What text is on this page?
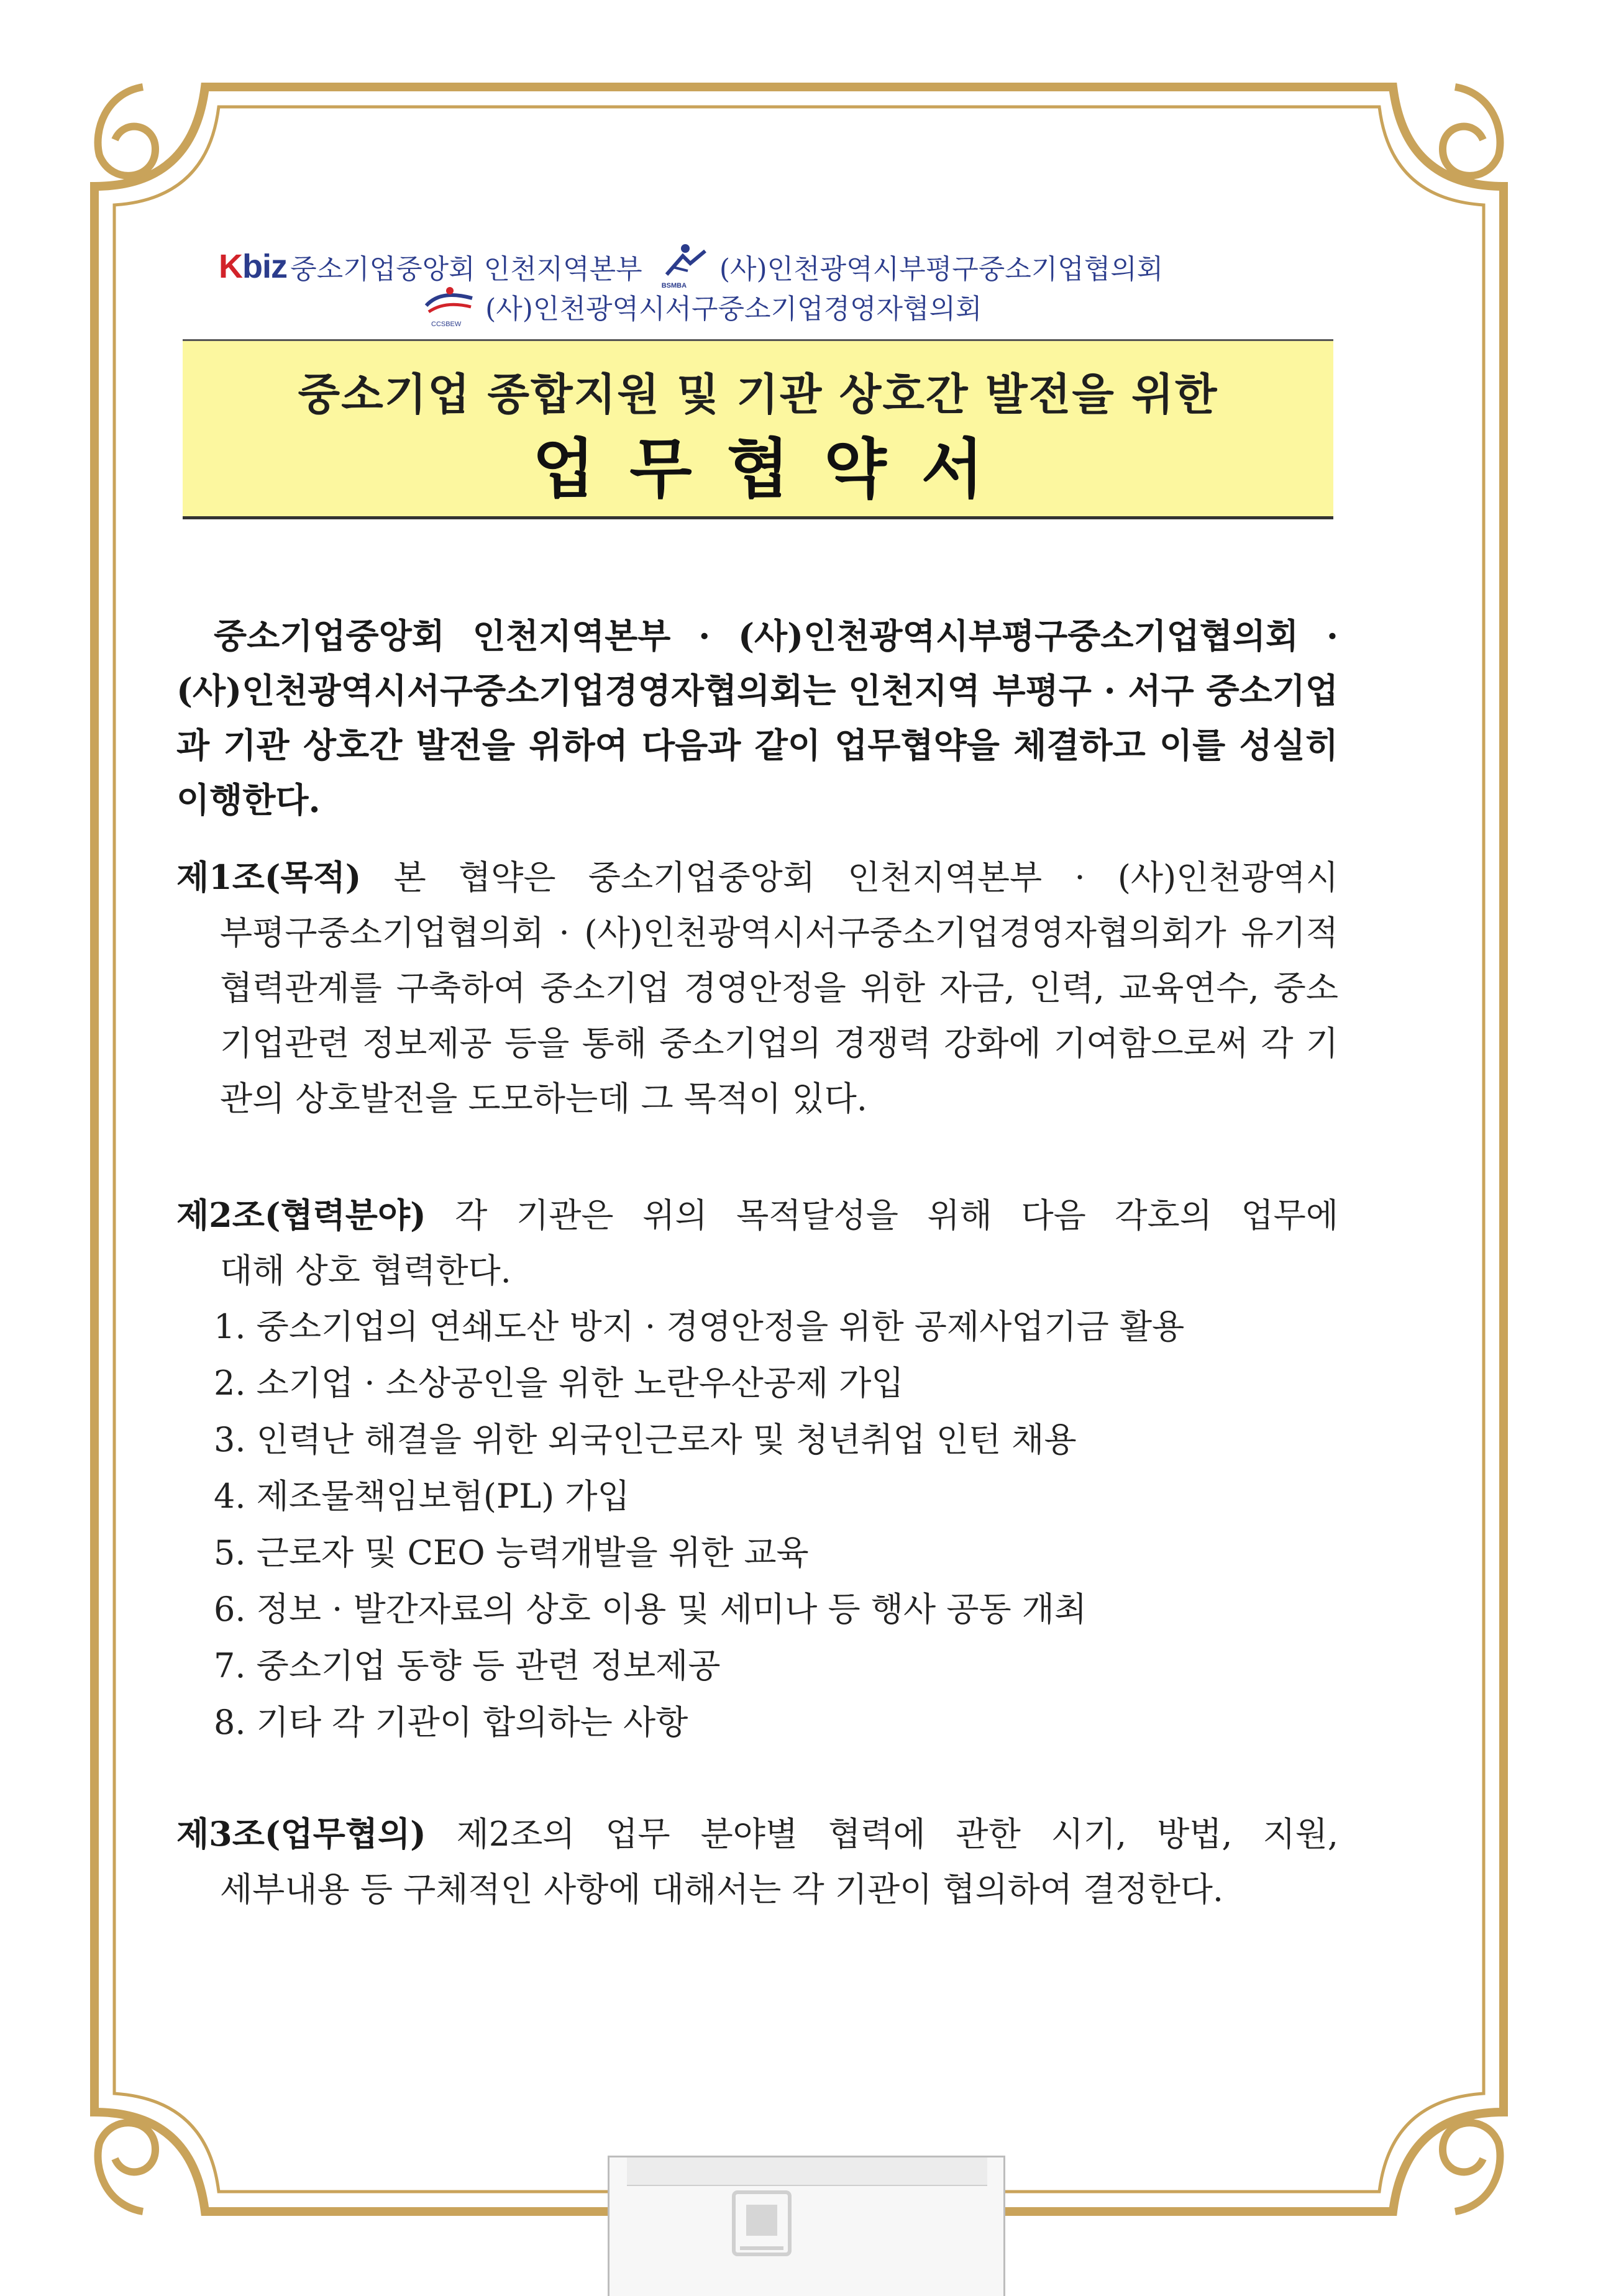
Kbiz 중소기업중앙회 인천지역본부
BSMBA
(사)인천광역시부평구중소기업협의회
CCSBEW (사)인천광역시서구중소기업경영자협의회
중소기업 종합지원 및 기관 상호간 발전을 위한
업무협약서
중소기업중앙회 인천지역본부 · (사)인천광역시부평구중소기업협의회 · (사)인천광역시서구중소기업경영자협의회는 인천지역 부평구 · 서구 중소기업과 기관 상호간 발전을 위하여 다음과 같이 업무협약을 체결하고 이를 성실히 이행한다.
제1조(목적) 본 협약은 중소기업중앙회 인천지역본부 · (사)인천광역시
부평구중소기업협의회 · (사)인천광역시서구중소기업경영자협의회가 유기적 협력관계를 구축하여 중소기업 경영안정을 위한 자금, 인력, 교육연수, 중소기업관련 정보제공 등을 통해 중소기업의 경쟁력 강화에 기여함으로써 각 기관의 상호발전을 도모하는데 그 목적이 있다.
제2조(협력분야) 각 기관은 위의 목적달성을 위해 다음 각호의 업무에
대해 상호 협력한다.
1. 중소기업의 연쇄도산 방지 · 경영안정을 위한 공제사업기금 활용
2. 소기업 · 소상공인을 위한 노란우산공제 가입
3. 인력난 해결을 위한 외국인근로자 및 청년취업 인턴 채용
4. 제조물책임보험(PL) 가입
5. 근로자 및 CEO 능력개발을 위한 교육
6. 정보 · 발간자료의 상호 이용 및 세미나 등 행사 공동 개최
7. 중소기업 동향 등 관련 정보제공
8. 기타 각 기관이 합의하는 사항
제3조(업무협의) 제2조의 업무 분야별 협력에 관한 시기, 방법, 지원,
세부내용 등 구체적인 사항에 대해서는 각 기관이 협의하여 결정한다.
